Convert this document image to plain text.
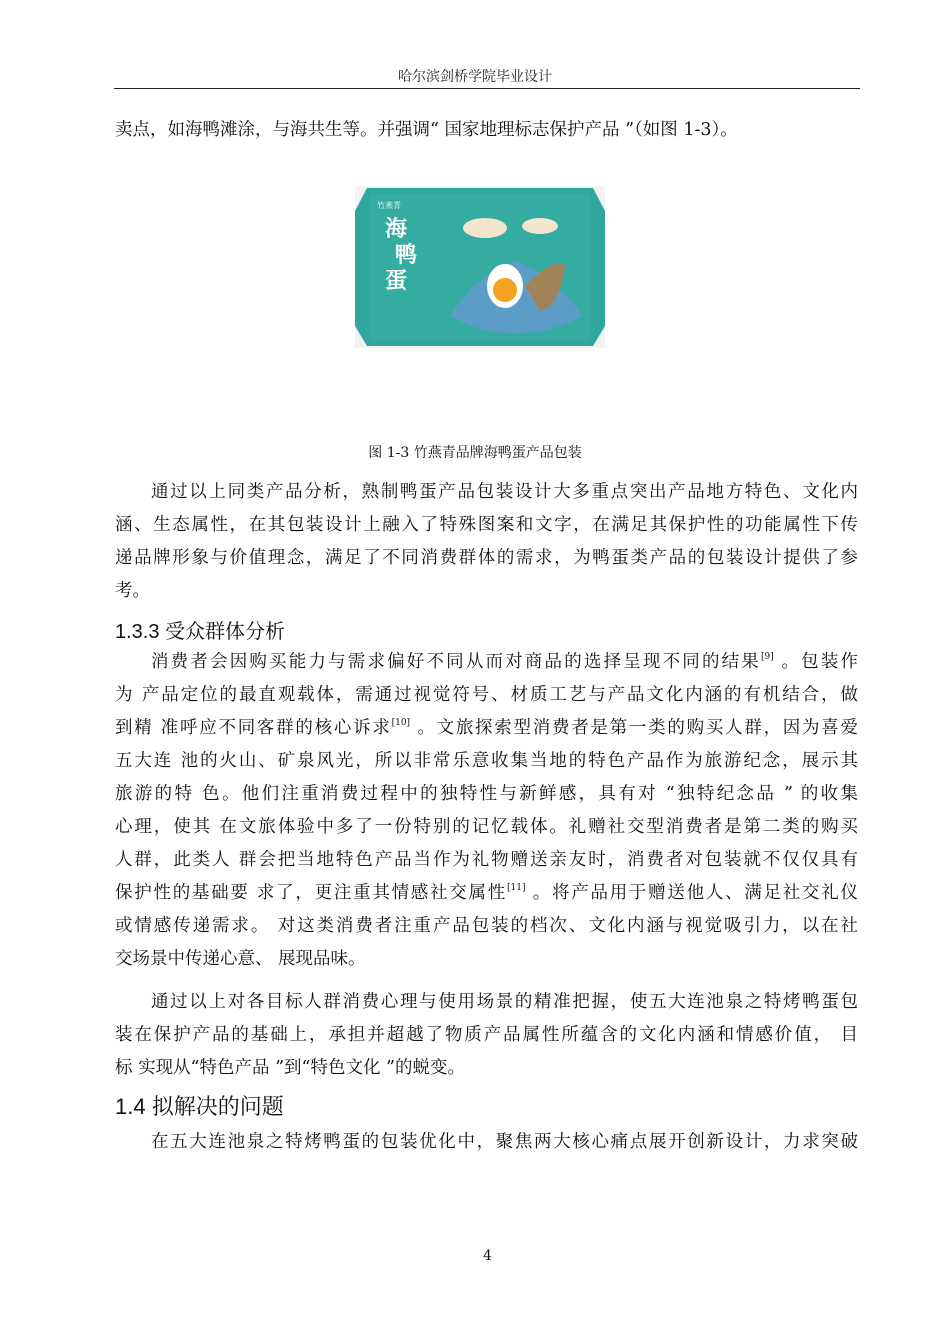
哈尔滨剑桥学院毕业设计
卖点，如海鸭滩涂，与海共生等。并强调“ 国家地理标志保护产品 ”（如图 1-3）。
竹燕青
海
鸭
蛋
图 1-3 竹燕青品牌海鸭蛋产品包装
通过以上同类产品分析，熟制鸭蛋产品包装设计大多重点突出产品地方特色、文化内
涵、生态属性，在其包装设计上融入了特殊图案和文字，在满足其保护性的功能属性下传
递品牌形象与价值理念，满足了不同消费群体的需求，为鸭蛋类产品的包装设计提供了参
考。
1.3.3 受众群体分析
消费者会因购买能力与需求偏好不同从而对商品的选择呈现不同的结果[9] 。包装作
为 产品定位的最直观载体，需通过视觉符号、材质工艺与产品文化内涵的有机结合，做
到精 准呼应不同客群的核心诉求[10] 。文旅探索型消费者是第一类的购买人群，因为喜爱
五大连 池的火山、矿泉风光，所以非常乐意收集当地的特色产品作为旅游纪念，展示其
旅游的特 色。他们注重消费过程中的独特性与新鲜感，具有对 “独特纪念品 ” 的收集
心理，使其 在文旅体验中多了一份特别的记忆载体。礼赠社交型消费者是第二类的购买
人群，此类人 群会把当地特色产品当作为礼物赠送亲友时，消费者对包装就不仅仅具有
保护性的基础要 求了，更注重其情感社交属性[11] 。将产品用于赠送他人、满足社交礼仪
或情感传递需求。 对这类消费者注重产品包装的档次、文化内涵与视觉吸引力，以在社
交场景中传递心意、 展现品味。
通过以上对各目标人群消费心理与使用场景的精准把握，使五大连池泉之特烤鸭蛋包
装在保护产品的基础上，承担并超越了物质产品属性所蕴含的文化内涵和情感价值， 目
标 实现从“特色产品 ”到“特色文化 ”的蜕变。
1.4 拟解决的问题
在五大连池泉之特烤鸭蛋的包装优化中，聚焦两大核心痛点展开创新设计，力求突破
4
